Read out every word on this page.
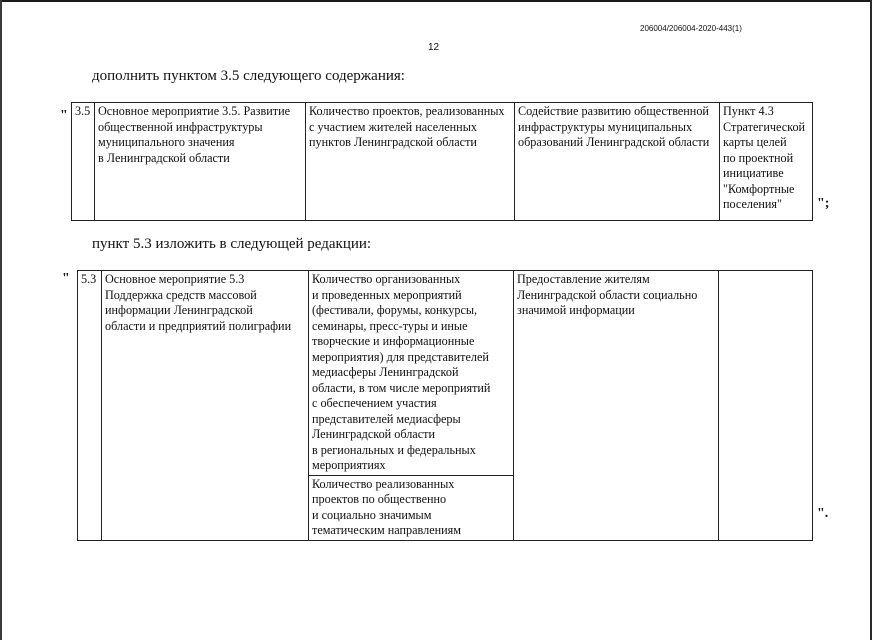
206004/206004-2020-443(1)
12
дополнить пунктом 3.5 следующего содержания:
" 3.5	Основное мероприятие 3.5. Развитие
общественной инфраструктуры
муниципального значения
в Ленинградской области

Количество проектов, реализованных
с участием жителей населенных
пунктов Ленинградской области

Содействие развитию общественной
инфраструктуры муниципальных
образований Ленинградской области

Пункт 4.3
Стратегической
карты целей
по проектной
инициативе
"Комфортные
поселения"	";
пункт 5.3 изложить в следующей редакции:
" 5.3	Основное мероприятие 5.3
Поддержка средств массовой
информации Ленинградской
области и предприятий полиграфии

Количество организованных
и проведенных мероприятий
(фестивали, форумы, конкурсы,
семинары, пресс-туры и иные
творческие и информационные
мероприятия) для представителей
медиасферы Ленинградской
области, в том числе мероприятий
с обеспечением участия
представителей медиасферы
Ленинградской области
в региональных и федеральных
мероприятиях

Предоставление жителям
Ленинградской области социально
значимой информации

Количество реализованных
проектов по общественно
и социально значимым
тематическим направлениям
".
